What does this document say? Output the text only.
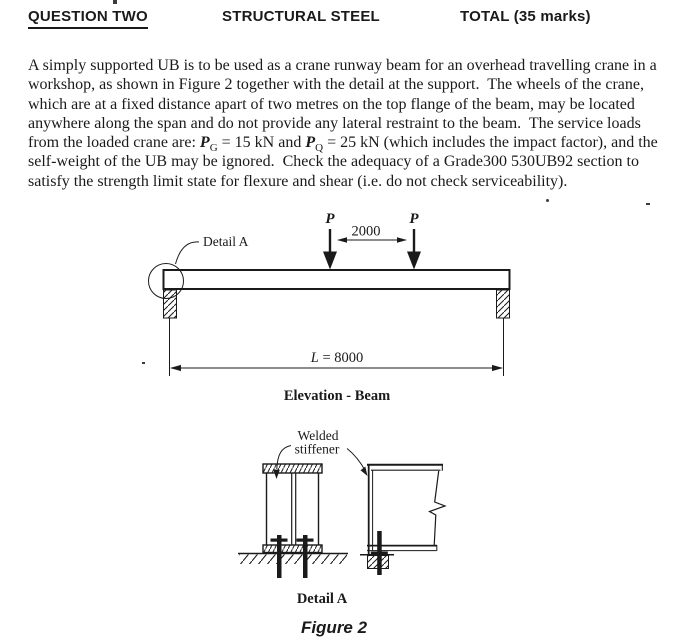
QUESTION TWO	STRUCTURAL STEEL	TOTAL (35 marks)
A simply supported UB is to be used as a crane runway beam for an overhead travelling crane in a workshop, as shown in Figure 2 together with the detail at the support.  The wheels of the crane, which are at a fixed distance apart of two metres on the top flange of the beam, may be located anywhere along the span and do not provide any lateral restraint to the beam.  The service loads from the loaded crane are: $P_G = 15$ kN and $P_Q = 25$ kN (which includes the impact factor), and the self-weight of the UB may be ignored.  Check the adequacy of a Grade300 530UB92 section to satisfy the strength limit state for flexure and shear (i.e. do not check serviceability).
Detail A
P	P
2000
L = 8000
Elevation - Beam
Welded
stiffener
Detail A
Figure 2
